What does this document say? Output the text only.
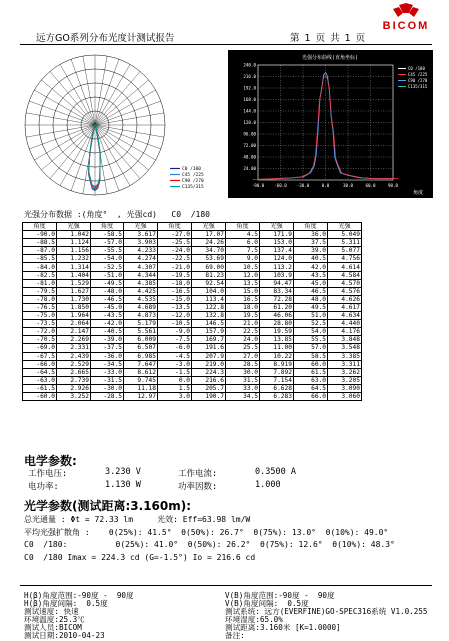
BICOM
远方GO系列分布光度计测试报告	第 1 页 共 1 页
C0 /180
C45 /225
C90 /270
C135/315
光强分布曲线(直角坐标)
24.00
48.00
72.00
96.00
120.0
144.0
168.0
192.0
216.0
240.0
-90.0 -60.0 -30.0	0.0	30.0	60.0	90.0
C0 /180
C45 /225
C90 /270
C135/315
角度
光强分布数据 :(角度°  , 光强cd)   C0  /180
角度	光强	角度	光强	角度	光强	角度	光强	角度	光强
-90.0	1.042	-58.5	3.617	-27.0	17.07	4.5	171.9	36.0	5.049
-88.5	1.124	-57.0	3.903	-25.5	24.26	6.0	153.0	37.5	5.311
-87.0	1.156	-55.5	4.233	-24.0	34.70	7.5	137.4	39.0	5.077
-85.5	1.232	-54.0	4.274	-22.5	53.69	9.0	124.0	40.5	4.756
-84.0	1.314	-52.5	4.307	-21.0	69.00	10.5	113.2	42.0	4.614
-82.5	1.404	-51.0	4.344	-19.5	81.23	12.0	103.9	43.5	4.584
-81.0	1.529	-49.5	4.385	-18.0	92.54	13.5	94.47	45.0	4.570
-79.5	1.627	-48.0	4.425	-16.5	104.0	15.0	83.34	46.5	4.576
-78.0	1.730	-46.5	4.535	-15.0	113.4	16.5	72.28	48.0	4.626
-76.5	1.850	-45.0	4.689	-13.5	122.8	18.0	61.20	49.5	4.617
-75.0	1.964	-43.5	4.873	-12.0	132.8	19.5	46.06	51.0	4.634
-73.5	2.064	-42.0	5.179	-10.5	146.5	21.0	28.80	52.5	4.440
-72.0	2.147	-40.5	5.561	-9.0	157.9	22.5	19.59	54.0	4.176
-70.5	2.269	-39.0	6.009	-7.5	169.7	24.0	13.85	55.5	3.848
-69.0	2.331	-37.5	6.507	-6.0	191.6	25.5	11.00	57.0	3.548
-67.5	2.439	-36.0	6.985	-4.5	207.9	27.0	10.22	58.5	3.385
-66.0	2.529	-34.5	7.647	-3.0	219.0	28.5	8.919	60.0	3.311
-64.5	2.665	-33.0	8.612	-1.5	224.3	30.0	7.892	61.5	3.262
-63.0	2.739	-31.5	9.745	0.0	216.6	31.5	7.154	63.0	3.205
-61.5	2.926	-30.0	11.18	1.5	205.7	33.0	6.628	64.5	3.090
-60.0	3.252	-28.5	12.97	3.0	190.7	34.5	6.283	66.0	3.060
电学参数:
工作电压:	3.230 V	工作电流:	0.3500 A
电功率:	1.130 W	功率因数:	1.000
光学参数(测试距离:3.160m):
总光通量 : Φt = 72.33 lm     光效: Eff=63.98 lm/W
平均光强扩散角 :    θ(25%): 41.5°  θ(50%): 26.7°  θ(75%): 13.0°  θ(10%): 49.0°
C0  /180:          θ(25%): 41.0°  θ(50%): 26.2°  θ(75%): 12.6°  θ(10%): 48.3°
C0  /180 Imax = 224.3 cd (G=-1.5°) Io = 216.6 cd
H(β)角度范围:-90度 -  90度
H(β)角度间隔:  0.5度
测试速度: 快速
环境温度:25.3℃
测试人员:BICOM
测试日期:2010-04-23
V(B)角度范围:-90度 -  90度
V(B)角度间隔:  0.5度
测试系统: 远方(EVERFINE)GO-SPEC316系统 V1.0.255
环境湿度:65.0%
测试距离:3.160米 [K=1.0000]
备注:
